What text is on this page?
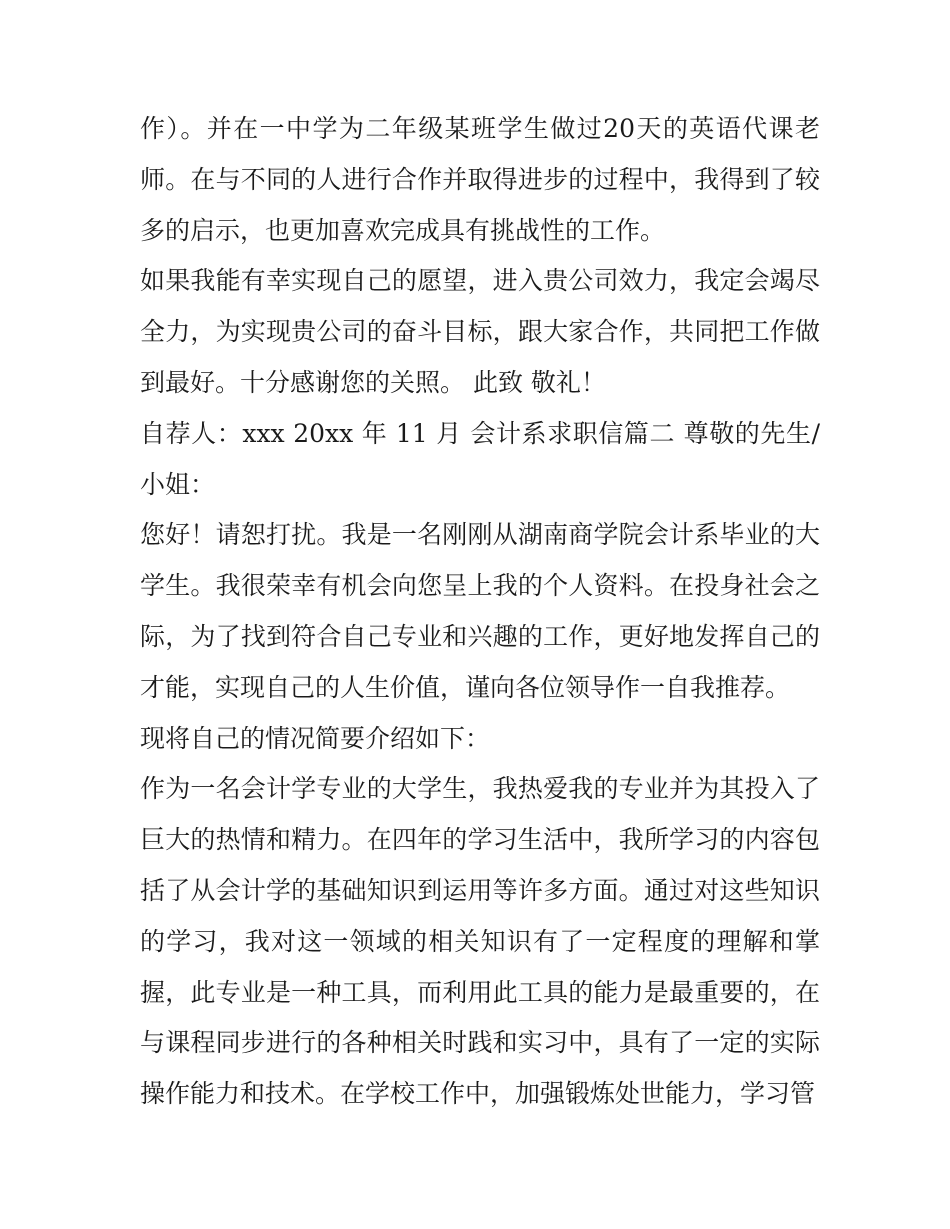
作）。并在一中学为二年级某班学生做过20天的英语代课老师。在与不同的人进行合作并取得进步的过程中，我得到了较多的启示，也更加喜欢完成具有挑战性的工作。

如果我能有幸实现自己的愿望，进入贵公司效力，我定会竭尽全力，为实现贵公司的奋斗目标，跟大家合作，共同把工作做到最好。十分感谢您的关照。 此致 敬礼！

自荐人：xxx 20xx 年 11 月 会计系求职信篇二 尊敬的先生/小姐：

您好！请恕打扰。我是一名刚刚从湖南商学院会计系毕业的大学生。我很荣幸有机会向您呈上我的个人资料。在投身社会之际，为了找到符合自己专业和兴趣的工作，更好地发挥自己的才能，实现自己的人生价值，谨向各位领导作一自我推荐。

现将自己的情况简要介绍如下：

作为一名会计学专业的大学生，我热爱我的专业并为其投入了巨大的热情和精力。在四年的学习生活中，我所学习的内容包括了从会计学的基础知识到运用等许多方面。通过对这些知识的学习，我对这一领域的相关知识有了一定程度的理解和掌握，此专业是一种工具，而利用此工具的能力是最重要的，在与课程同步进行的各种相关时践和实习中，具有了一定的实际操作能力和技术。在学校工作中，加强锻炼处世能力，学习管
